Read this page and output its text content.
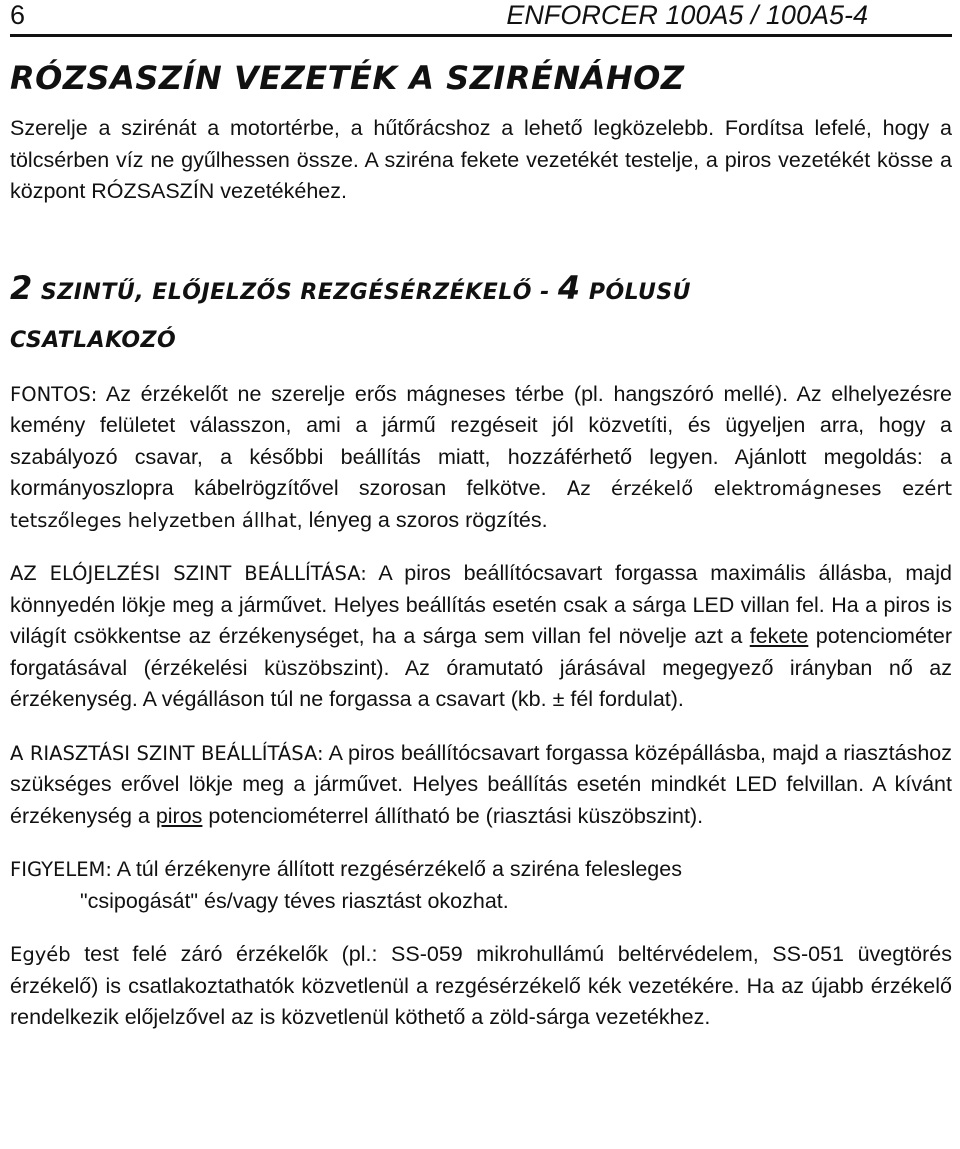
6	ENFORCER 100A5 / 100A5-4
RÓZSASZÍN VEZETÉK A SZIRÉNÁHOZ

Szerelje a szirénát a motortérbe, a hűtőrácshoz a lehető legközelebb. Fordítsa lefelé, hogy a tölcsérben víz ne gyűlhessen össze. A sziréna fekete vezetékét testelje, a piros vezetékét kösse a központ RÓZSASZÍN vezetékéhez.

2 SZINTŰ, ELŐJELZŐS REZGÉSÉRZÉKELŐ - 4 PÓLUSÚ
CSATLAKOZÓ

FONTOS: Az érzékelőt ne szerelje erős mágneses térbe (pl. hangszóró mellé). Az elhelyezésre kemény felületet válasszon, ami a jármű rezgéseit jól közvetíti, és ügyeljen arra, hogy a szabályozó csavar, a későbbi beállítás miatt, hozzáférhető legyen. Ajánlott megoldás: a kormányoszlopra kábelrögzítővel szorosan felkötve. Az érzékelő elektromágneses ezért tetszőleges helyzetben állhat, lényeg a szoros rögzítés.

AZ ELÓJELZÉSI SZINT BEÁLLÍTÁSA: A piros beállítócsavart forgassa maximális állásba, majd könnyedén lökje meg a járművet. Helyes beállítás esetén csak a sárga LED villan fel. Ha a piros is világít csökkentse az érzékenységet, ha a sárga sem villan fel növelje azt a fekete potenciométer forgatásával (érzékelési küszöbszint). Az óramutató járásával megegyező irányban nő az érzékenység. A végálláson túl ne forgassa a csavart (kb. ± fél fordulat).

A RIASZTÁSI SZINT BEÁLLÍTÁSA: A piros beállítócsavart forgassa középállásba, majd a riasztáshoz szükséges erővel lökje meg a járművet. Helyes beállítás esetén mindkét LED felvillan. A kívánt érzékenység a piros potenciométerrel állítható be (riasztási küszöbszint).

FIGYELEM: A túl érzékenyre állított rezgésérzékelő a sziréna felesleges
"csipogását" és/vagy téves riasztást okozhat.

Egyéb test felé záró érzékelők (pl.: SS-059 mikrohullámú beltérvédelem, SS-051 üvegtörés érzékelő) is csatlakoztathatók közvetlenül a rezgésérzékelő kék vezetékére. Ha az újabb érzékelő rendelkezik előjelzővel az is közvetlenül köthető a zöld-sárga vezetékhez.
